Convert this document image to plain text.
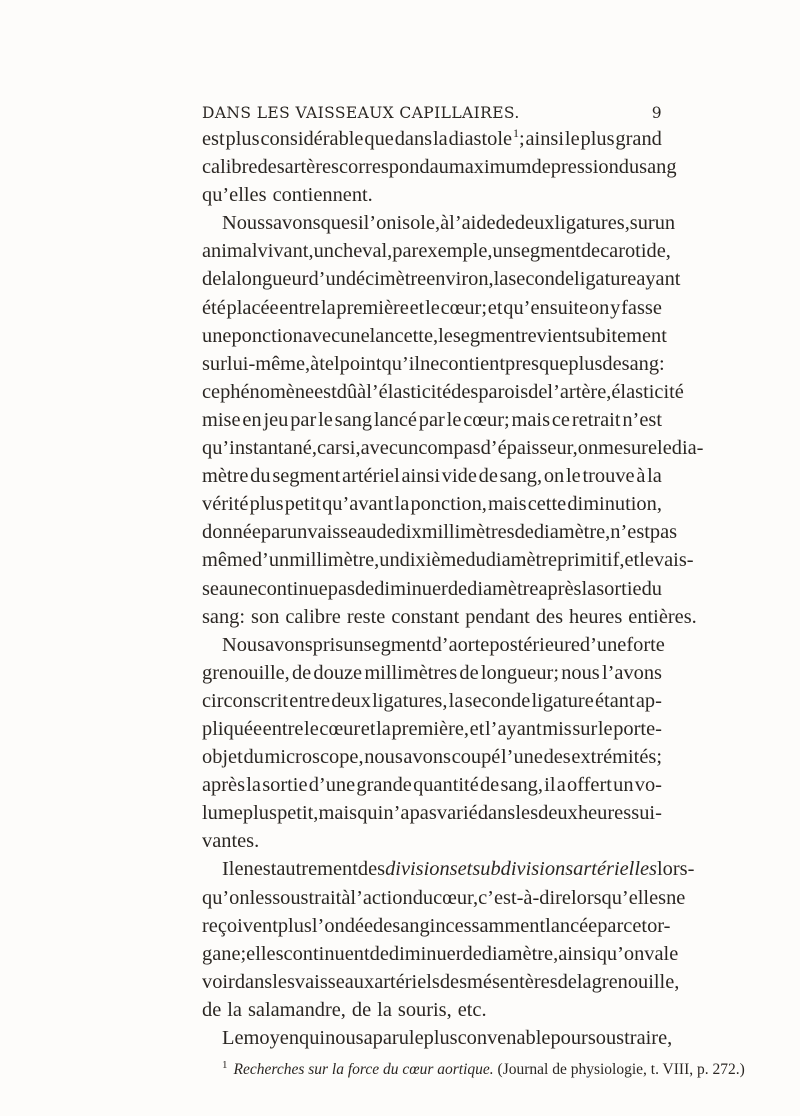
DANS LES VAISSEAUX CAPILLAIRES.	9
est plus considérable que dans la diastole $^1$; ainsi le plus grand
calibre des artères correspond au maximum de pression du sang
qu’elles contiennent.
Nous savons que si l’on isole, à l’aide de deux ligatures, sur un
animal vivant, un cheval, par exemple, un segment de carotide,
de la longueur d’un décimètre environ, la seconde ligature ayant
été placée entre la première et le cœur; et qu’ensuite on y fasse
une ponction avec une lancette, le segment revient subitement
sur lui-même, à tel point qu’il ne contient presque plus de sang:
ce phénomène est dû à l’élasticité des parois de l’artère, élasticité
mise en jeu par le sang lancé par le cœur; mais ce retrait n’est
qu’instantané, car si, avec un compas d’épaisseur, on mesure le dia-
mètre du segment artériel ainsi vide de sang, on le trouve à la
vérité plus petit qu’avant la ponction, mais cette diminution,
donnée par un vaisseau de dix millimètres de diamètre, n’est pas
même d’un millimètre, un dixième du diamètre primitif, et le vais-
seau ne continue pas de diminuer de diamètre après la sortie du
sang: son calibre reste constant pendant des heures entières.
Nous avons pris un segment d’aorte postérieure d’une forte
grenouille, de douze millimètres de longueur; nous l’avons
circonscrit entre deux ligatures, la seconde ligature étant ap-
pliquée entre le cœur et la première, et l’ayant mis sur le porte-
objet du microscope, nous avons coupé l’une des extrémités;
après la sortie d’une grande quantité de sang, il a offert un vo-
lume plus petit, mais qui n’a pas varié dans les deux heures sui-
vantes.
Il en est autrement des divisions et subdivisions artérielles lors-
qu’on les soustrait à l’action du cœur, c’est-à-dire lorsqu’elles ne
reçoivent plus l’ondée de sang incessamment lancée par cet or-
gane; elles continuent de diminuer de diamètre, ainsi qu’on va le
voir dans les vaisseaux artériels des mésentères de la grenouille,
de la salamandre, de la souris, etc.
Le moyen qui nous a paru le plus convenable pour soustraire,
$^1$ Recherches sur la force du cœur aortique. (Journal de physiologie, t. VIII, p. 272.)
